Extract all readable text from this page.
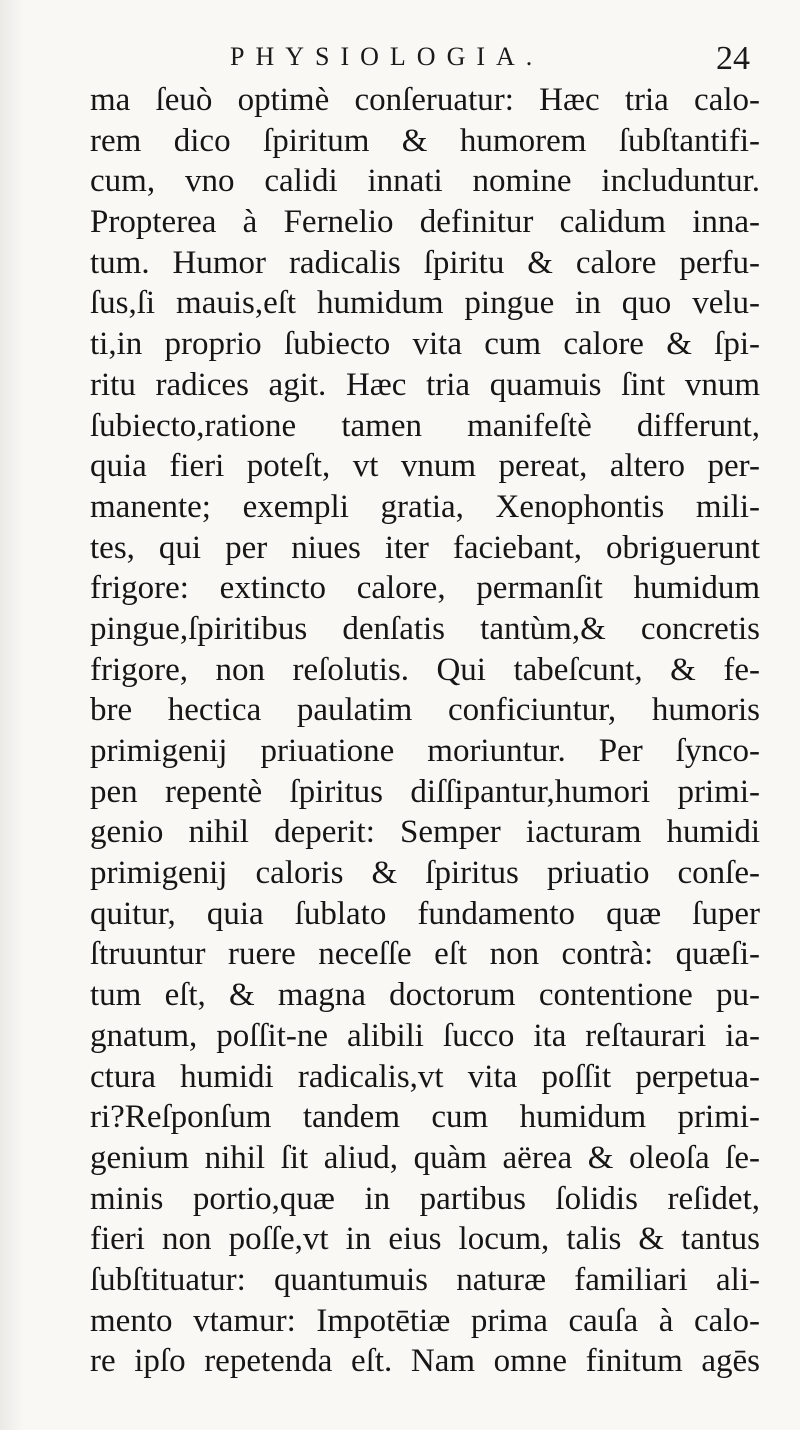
PHYSIOLOGIA.	24
ma ſeuò optimè conſeruatur: Hæc tria calo-
rem dico ſpiritum & humorem ſubſtantifi-
cum, vno calidi innati nomine includuntur.
Propterea à Fernelio definitur calidum inna-
tum. Humor radicalis ſpiritu & calore perfu-
ſus,ſi mauis,eſt humidum pingue in quo velu-
ti,in proprio ſubiecto vita cum calore & ſpi-
ritu radices agit. Hæc tria quamuis ſint vnum
ſubiecto,ratione tamen manifeſtè differunt,
quia fieri poteſt, vt vnum pereat, altero per-
manente; exempli gratia, Xenophontis mili-
tes, qui per niues iter faciebant, obriguerunt
frigore: extincto calore, permanſit humidum
pingue,ſpiritibus denſatis tantùm,& concretis
frigore, non reſolutis. Qui tabeſcunt, & fe-
bre hectica paulatim conficiuntur, humoris
primigenij priuatione moriuntur. Per ſynco-
pen repentè ſpiritus diſſipantur,humori primi-
genio nihil deperit: Semper iacturam humidi
primigenij caloris & ſpiritus priuatio conſe-
quitur, quia ſublato fundamento quæ ſuper
ſtruuntur ruere neceſſe eſt non contrà: quæſi-
tum eſt, & magna doctorum contentione pu-
gnatum, poſſit-ne alibili ſucco ita reſtaurari ia-
ctura humidi radicalis,vt vita poſſit perpetua-
ri?Reſponſum tandem cum humidum primi-
genium nihil ſit aliud, quàm aërea & oleoſa ſe-
minis portio,quæ in partibus ſolidis reſidet,
fieri non poſſe,vt in eius locum, talis & tantus
ſubſtituatur: quantumuis naturæ familiari ali-
mento vtamur: Impotētiæ prima cauſa à calo-
re ipſo repetenda eſt. Nam omne finitum agēs
